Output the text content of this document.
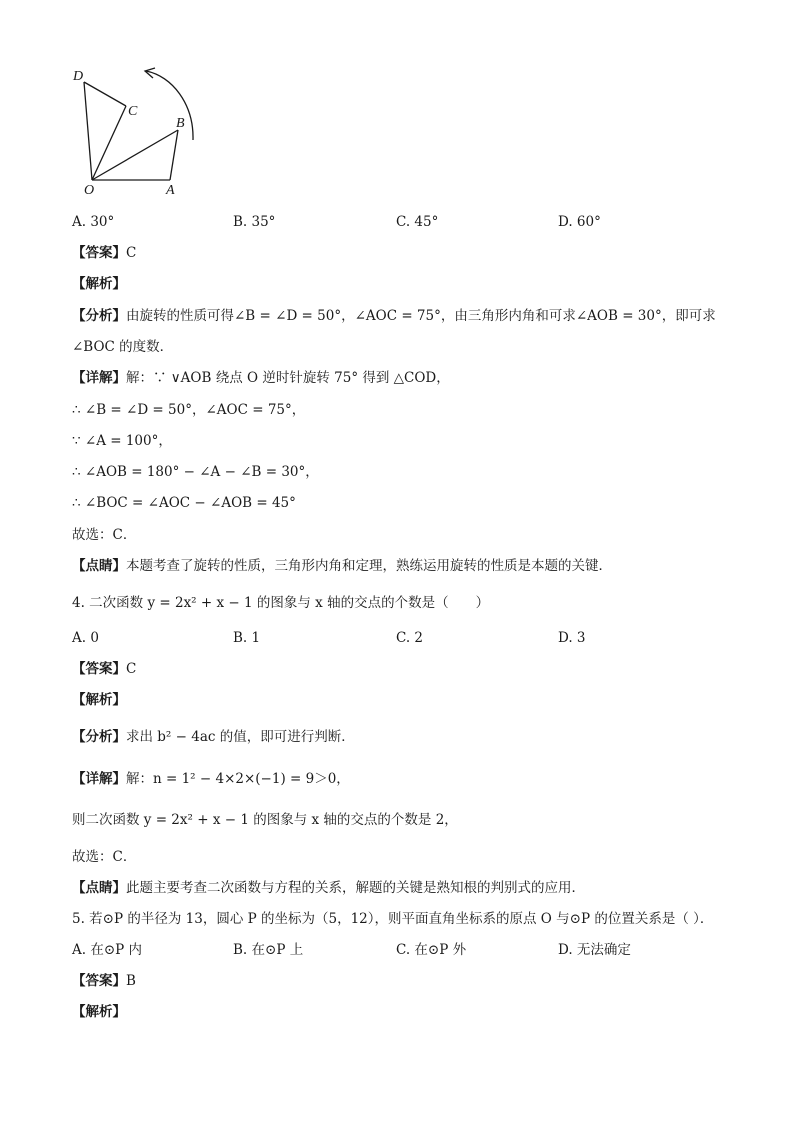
D
C
B
O	A
A. 30°	B. 35°	C. 45°	D. 60°
【答案】C
【解析】
【分析】由旋转的性质可得∠B = ∠D = 50°，∠AOC = 75°，由三角形内角和可求∠AOB = 30°，即可求
∠BOC 的度数．
【详解】解：∵ ∨AOB 绕点 O 逆时针旋转 75° 得到 △COD，
∴ ∠B = ∠D = 50°，∠AOC = 75°，
∵ ∠A = 100°，
∴ ∠AOB = 180° − ∠A − ∠B = 30°，
∴ ∠BOC = ∠AOC − ∠AOB = 45°
故选：C．
【点睛】本题考查了旋转的性质，三角形内角和定理，熟练运用旋转的性质是本题的关键．
4. 二次函数 y = 2x² + x − 1 的图象与 x 轴的交点的个数是（　　）
A. 0	B. 1	C. 2	D. 3
【答案】C
【解析】
【分析】求出 b² − 4ac 的值，即可进行判断．
【详解】解：n = 1² − 4×2×(−1) = 9＞0，
则二次函数 y = 2x² + x − 1 的图象与 x 轴的交点的个数是 2，
故选：C．
【点睛】此题主要考查二次函数与方程的关系，解题的关键是熟知根的判别式的应用．
5. 若⊙P 的半径为 13，圆心 P 的坐标为（5，12），则平面直角坐标系的原点 O 与⊙P 的位置关系是（ ）．
A. 在⊙P 内	B. 在⊙P 上	C. 在⊙P 外	D. 无法确定
【答案】B
【解析】
